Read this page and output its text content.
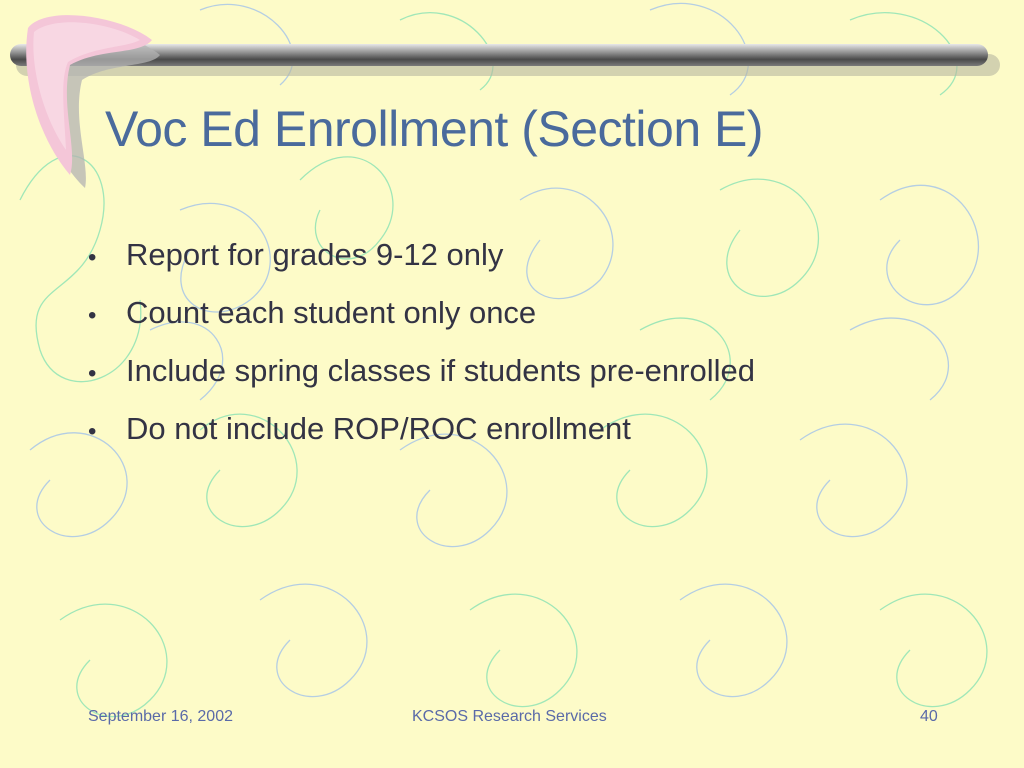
Voc Ed Enrollment (Section E)
• Report for grades 9-12 only
• Count each student only once
• Include spring classes if students pre-enrolled
• Do not include ROP/ROC enrollment
September 16, 2002	KCSOS Research Services	40
